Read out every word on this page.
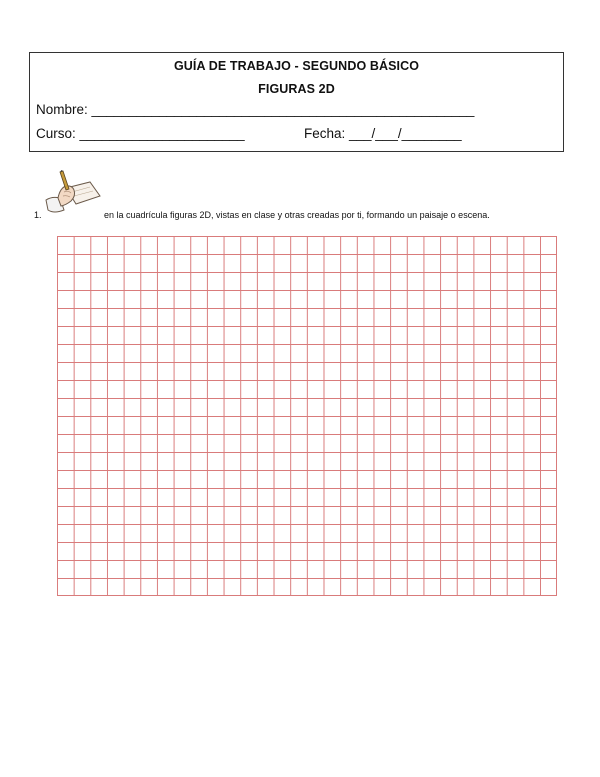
GUÍA DE TRABAJO - SEGUNDO BÁSICO
FIGURAS 2D
Nombre: ___________________________________________________
Curso: ______________________	Fecha: ___/___/________
1.	en la cuadrícula figuras 2D, vistas en clase y otras creadas por ti, formando un paisaje o escena.
